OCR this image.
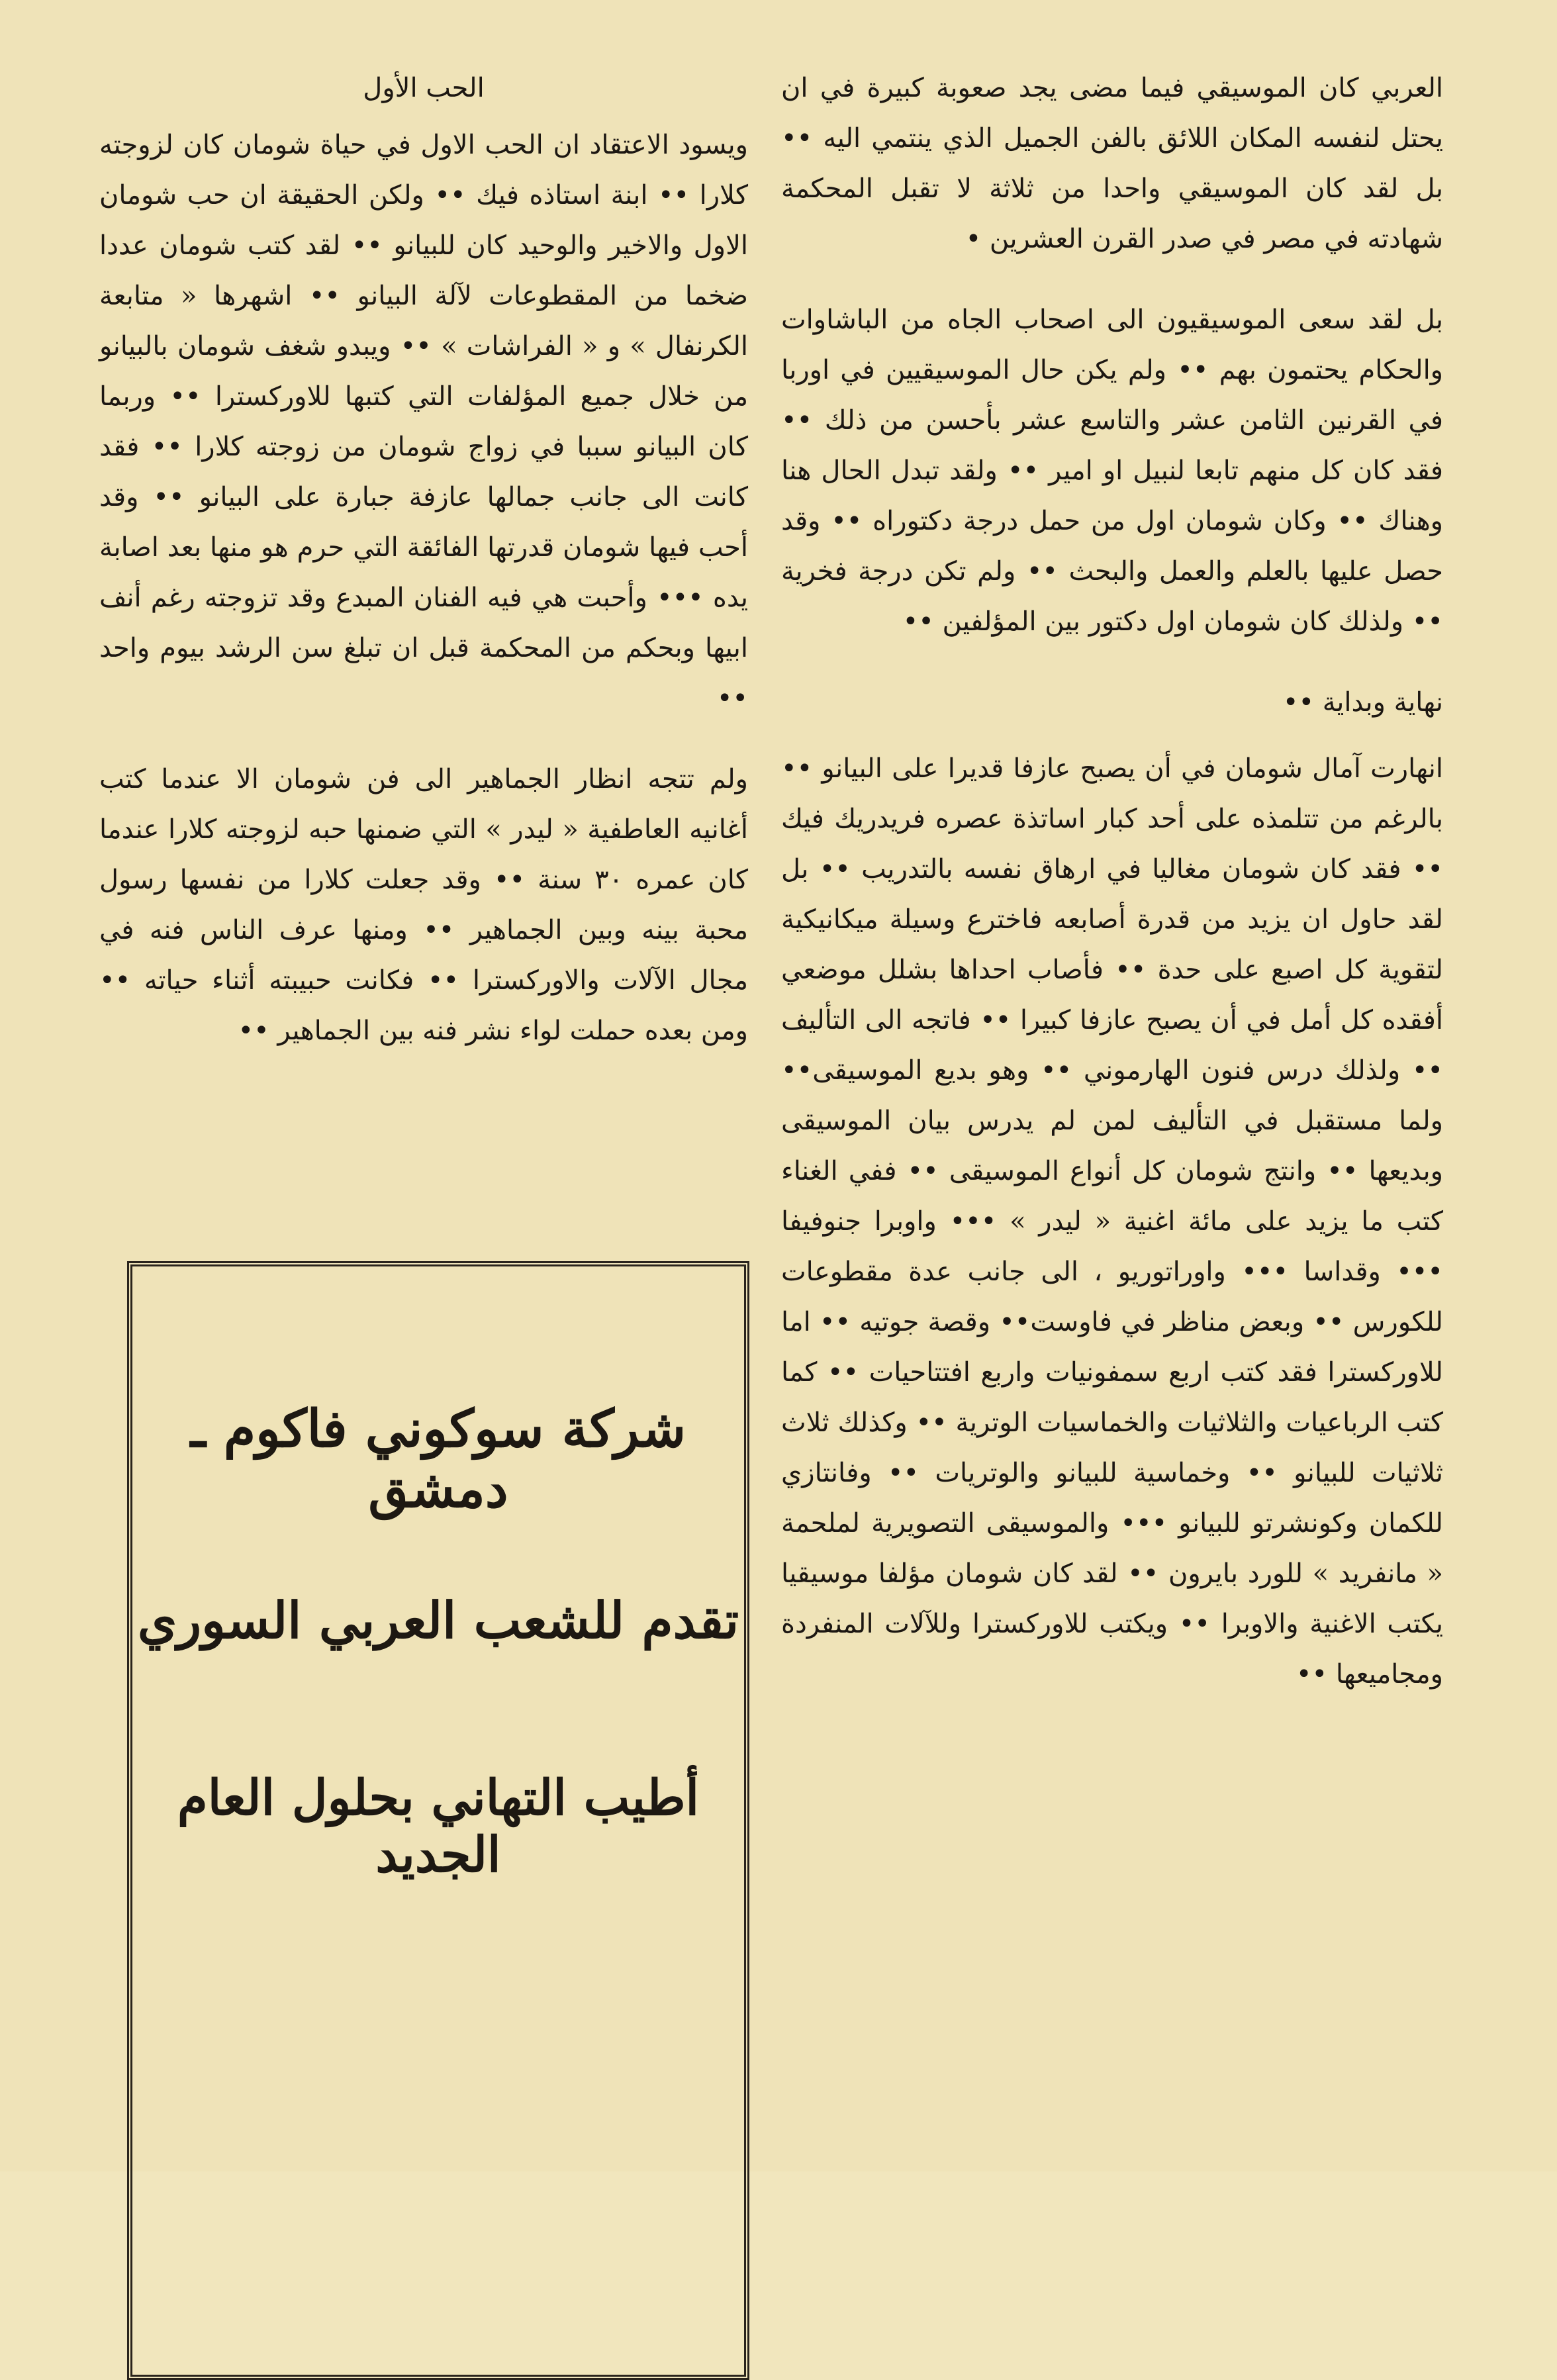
العربي كان الموسيقي فيما مضى يجد صعوبة كبيرة في ان يحتل لنفسه المكان اللائق بالفن الجميل الذي ينتمي اليه •• بل لقد كان الموسيقي واحدا من ثلاثة لا تقبل المحكمة شهادته في مصر في صدر القرن العشرين •

بل لقد سعى الموسيقيون الى اصحاب الجاه من الباشاوات والحكام يحتمون بهم •• ولم يكن حال الموسيقيين في اوربا في القرنين الثامن عشر والتاسع عشر بأحسن من ذلك •• فقد كان كل منهم تابعا لنبيل او امير •• ولقد تبدل الحال هنا وهناك •• وكان شومان اول من حمل درجة دكتوراه •• وقد حصل عليها بالعلم والعمل والبحث •• ولم تكن درجة فخرية •• ولذلك كان شومان اول دكتور بين المؤلفين ••

نهاية وبداية ••

انهارت آمال شومان في أن يصبح عازفا قديرا على البيانو •• بالرغم من تتلمذه على أحد كبار اساتذة عصره فريدريك فيك •• فقد كان شومان مغاليا في ارهاق نفسه بالتدريب •• بل لقد حاول ان يزيد من قدرة أصابعه فاخترع وسيلة ميكانيكية لتقوية كل اصبع على حدة •• فأصاب احداها بشلل موضعي أفقده كل أمل في أن يصبح عازفا كبيرا •• فاتجه الى التأليف •• ولذلك درس فنون الهارموني •• وهو بديع الموسيقى•• ولما مستقبل في التأليف لمن لم يدرس بيان الموسيقى وبديعها •• وانتج شومان كل أنواع الموسيقى •• ففي الغناء كتب ما يزيد على مائة اغنية « ليدر » ••• واوبرا جنوفيفا ••• وقداسا ••• واوراتوريو ، الى جانب عدة مقطوعات للكورس •• وبعض مناظر في فاوست•• وقصة جوتيه •• اما للاوركسترا فقد كتب اربع سمفونيات واربع افتتاحيات •• كما كتب الرباعيات والثلاثيات والخماسيات الوترية •• وكذلك ثلاث ثلاثيات للبيانو •• وخماسية للبيانو والوتريات •• وفانتازي للكمان وكونشرتو للبيانو ••• والموسيقى التصويرية لملحمة « مانفريد » للورد بايرون •• لقد كان شومان مؤلفا موسيقيا يكتب الاغنية والاوبرا •• ويكتب للاوركسترا وللآلات المنفردة ومجاميعها ••

الحب الأول

ويسود الاعتقاد ان الحب الاول في حياة شومان كان لزوجته كلارا •• ابنة استاذه فيك •• ولكن الحقيقة ان حب شومان الاول والاخير والوحيد كان للبيانو •• لقد كتب شومان عددا ضخما من المقطوعات لآلة البيانو •• اشهرها « متابعة الكرنفال » و « الفراشات » •• ويبدو شغف شومان بالبيانو من خلال جميع المؤلفات التي كتبها للاوركسترا •• وربما كان البيانو سببا في زواج شومان من زوجته كلارا •• فقد كانت الى جانب جمالها عازفة جبارة على البيانو •• وقد أحب فيها شومان قدرتها الفائقة التي حرم هو منها بعد اصابة يده ••• وأحبت هي فيه الفنان المبدع وقد تزوجته رغم أنف ابيها وبحكم من المحكمة قبل ان تبلغ سن الرشد بيوم واحد ••

ولم تتجه انظار الجماهير الى فن شومان الا عندما كتب أغانيه العاطفية « ليدر » التي ضمنها حبه لزوجته كلارا عندما كان عمره ٣٠ سنة •• وقد جعلت كلارا من نفسها رسول محبة بينه وبين الجماهير •• ومنها عرف الناس فنه في مجال الآلات والاوركسترا •• فكانت حبيبته أثناء حياته •• ومن بعده حملت لواء نشر فنه بين الجماهير ••

شركة سوكوني فاكوم ـ دمشق

تقدم للشعب العربي السوري

أطيب التهاني بحلول العام الجديد
